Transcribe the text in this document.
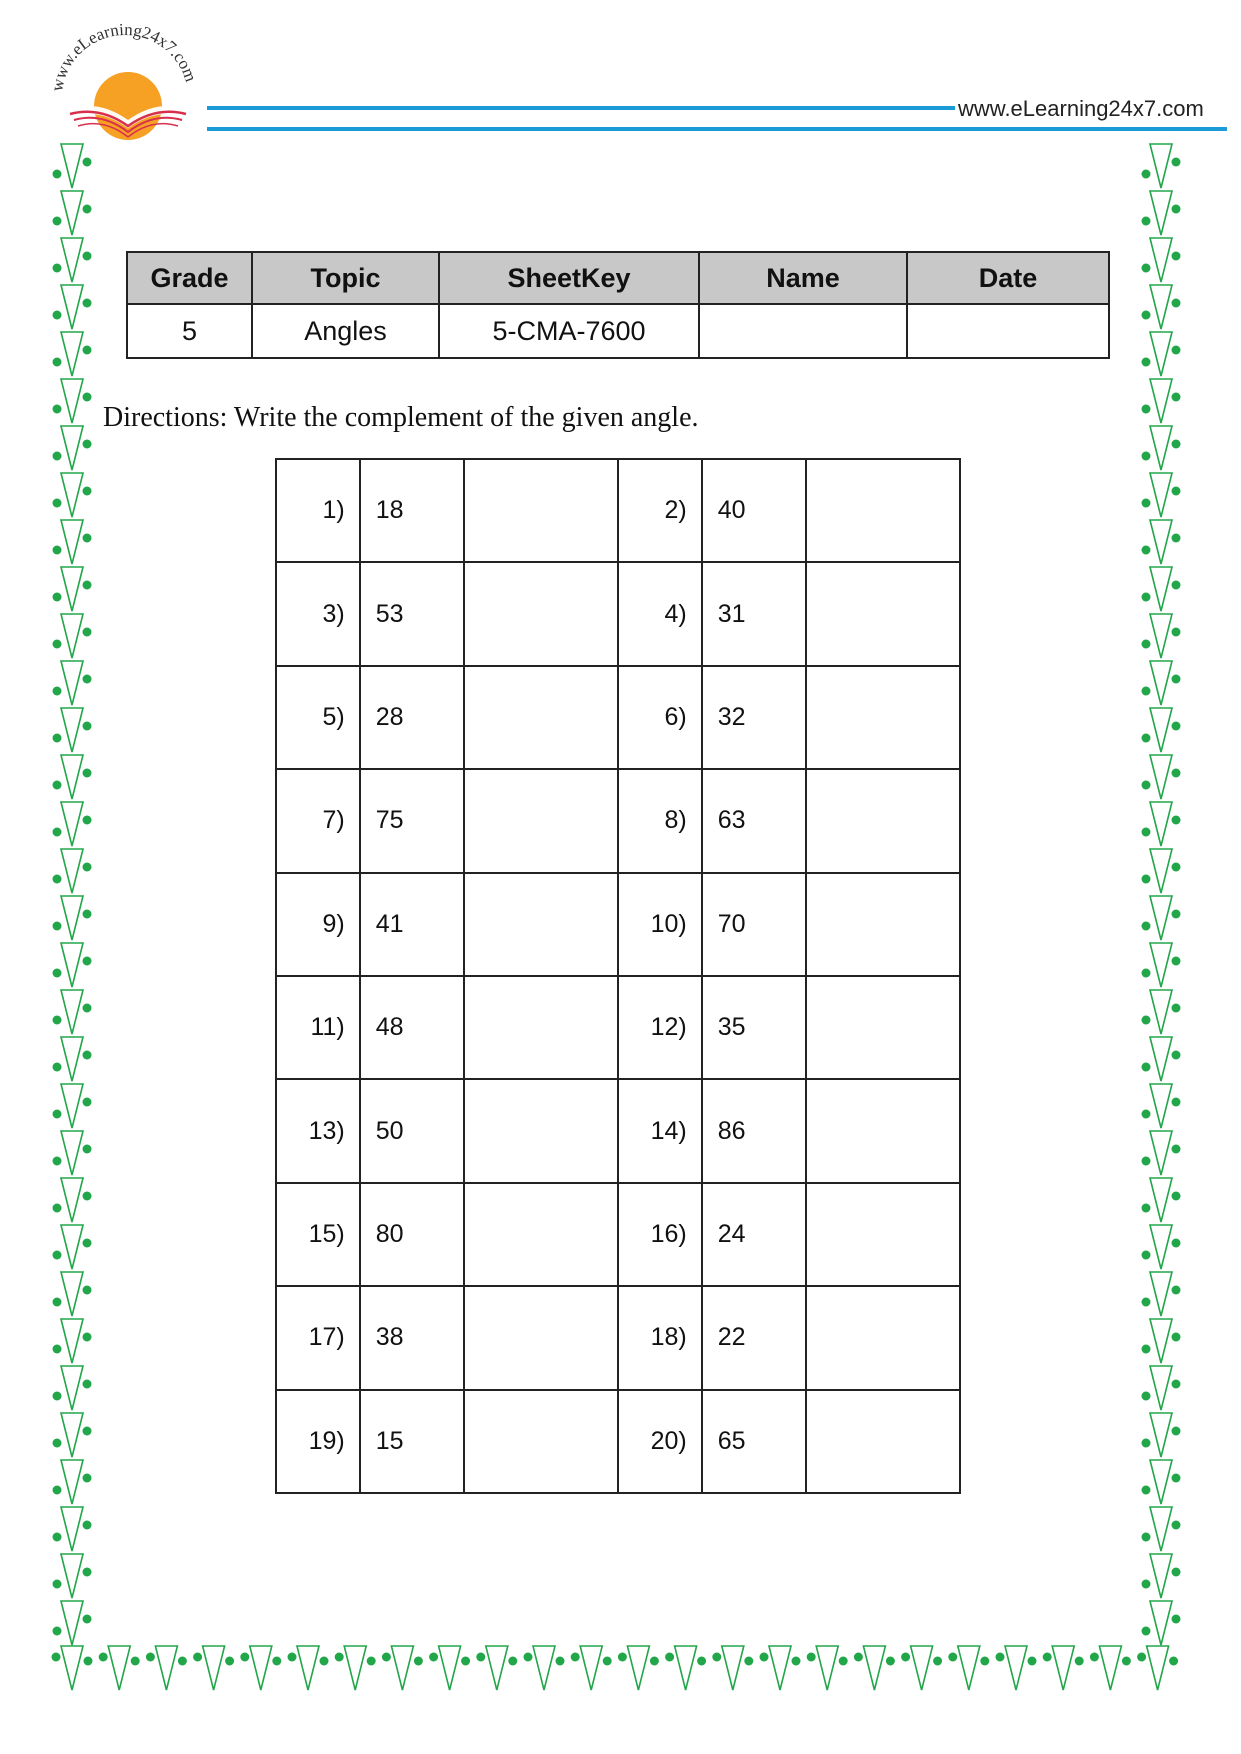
www.eLearning24x7.com
www.eLearning24x7.com
Grade	Topic	SheetKey	Name	Date
5	Angles	5-CMA-7600		
Directions: Write the complement of the given angle.
1)	18		2)	40	
3)	53		4)	31	
5)	28		6)	32	
7)	75		8)	63	
9)	41		10)	70	
11)	48		12)	35	
13)	50		14)	86	
15)	80		16)	24	
17)	38		18)	22	
19)	15		20)	65	
